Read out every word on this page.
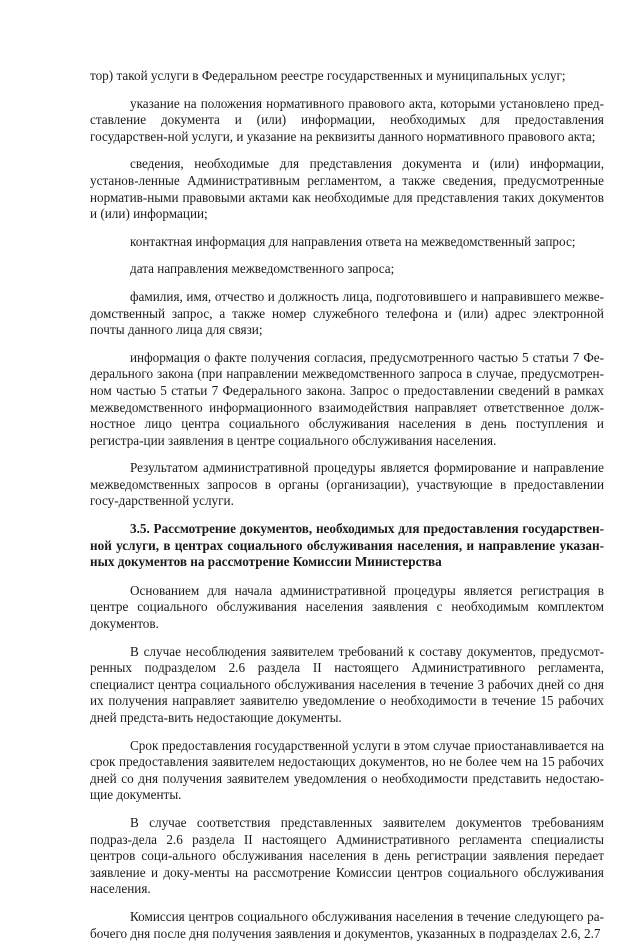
тор) такой услуги в Федеральном реестре государственных и муниципальных услуг;

указание на положения нормативного правового акта, которыми установлено пред-ставление документа и (или) информации, необходимых для предоставления государствен-ной услуги, и указание на реквизиты данного нормативного правового акта;

сведения, необходимые для представления документа и (или) информации, установ-ленные Административным регламентом, а также сведения, предусмотренные норматив-ными правовыми актами как необходимые для представления таких документов и (или) информации;

контактная информация для направления ответа на межведомственный запрос;

дата направления межведомственного запроса;

фамилия, имя, отчество и должность лица, подготовившего и направившего межве-домственный запрос, а также номер служебного телефона и (или) адрес электронной почты данного лица для связи;

информация о факте получения согласия, предусмотренного частью 5 статьи 7 Фе-дерального закона (при направлении межведомственного запроса в случае, предусмотрен-ном частью 5 статьи 7 Федерального закона. Запрос о предоставлении сведений в рамках межведомственного информационного взаимодействия направляет ответственное долж-ностное лицо центра социального обслуживания населения в день поступления и регистра-ции заявления в центре социального обслуживания населения.

Результатом административной процедуры является формирование и направление межведомственных запросов в органы (организации), участвующие в предоставлении госу-дарственной услуги.

3.5. Рассмотрение документов, необходимых для предоставления государствен-ной услуги, в центрах социального обслуживания населения, и направление указан-ных документов на рассмотрение Комиссии Министерства

Основанием для начала административной процедуры является регистрация в центре социального обслуживания населения заявления с необходимым комплектом документов.

В случае несоблюдения заявителем требований к составу документов, предусмот-ренных подразделом 2.6 раздела II настоящего Административного регламента, специалист центра социального обслуживания населения в течение 3 рабочих дней со дня их получения направляет заявителю уведомление о необходимости в течение 15 рабочих дней предста-вить недостающие документы.

Срок предоставления государственной услуги в этом случае приостанавливается на срок предоставления заявителем недостающих документов, но не более чем на 15 рабочих дней со дня получения заявителем уведомления о необходимости представить недостаю-щие документы.

В случае соответствия представленных заявителем документов требованиям подраз-дела 2.6 раздела II настоящего Административного регламента специалисты центров соци-ального обслуживания населения в день регистрации заявления передает заявление и доку-менты на рассмотрение Комиссии центров социального обслуживания населения.

Комиссия центров социального обслуживания населения в течение следующего ра-бочего дня после дня получения заявления и документов, указанных в подразделах 2.6, 2.7
